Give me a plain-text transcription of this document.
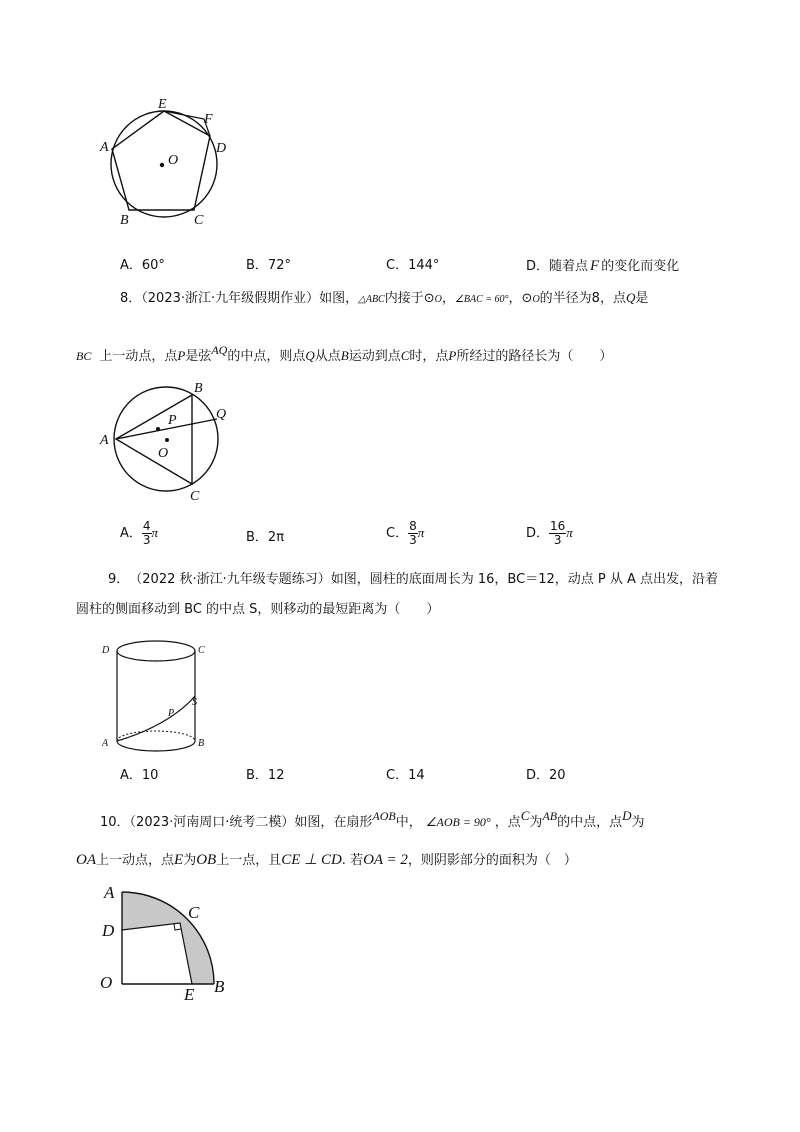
E
F
A	D
O
B	C
A．60°	B．72°	C．144°	D．随着点 F 的变化而变化
8．（2023·浙江·九年级假期作业）如图，△ABC内接于⊙O，∠BAC = 60°，⊙O的半径为8，点Q是
BC 上一动点，点P是弦AQ的中点，则点Q从点B运动到点C时，点P所经过的路径长为（　　）
B
Q
P
A
O
C
A． $\frac{4}{3}$ π	B．2π	C． $\frac{8}{3}$ π	D． $\frac{16}{3}$ π
9．　（2022 秋·浙江·九年级专题练习）如图，圆柱的底面周长为 16，BC＝12，动点 P 从 A 点出发，沿着
圆柱的侧面移动到 BC 的中点 S，则移动的最短距离为（　　）
D	C
S
P
A	B
A．10	B．12	C．14	D．20
10．（2023·河南周口·统考二模）如图，在扇形AOB中， ∠AOB = 90° ，点C为AB的中点，点D为
OA上一动点，点E为OB上一点，且CE ⊥ CD. 若OA = 2，则阴影部分的面积为（　）
A
D
C
O
E B
